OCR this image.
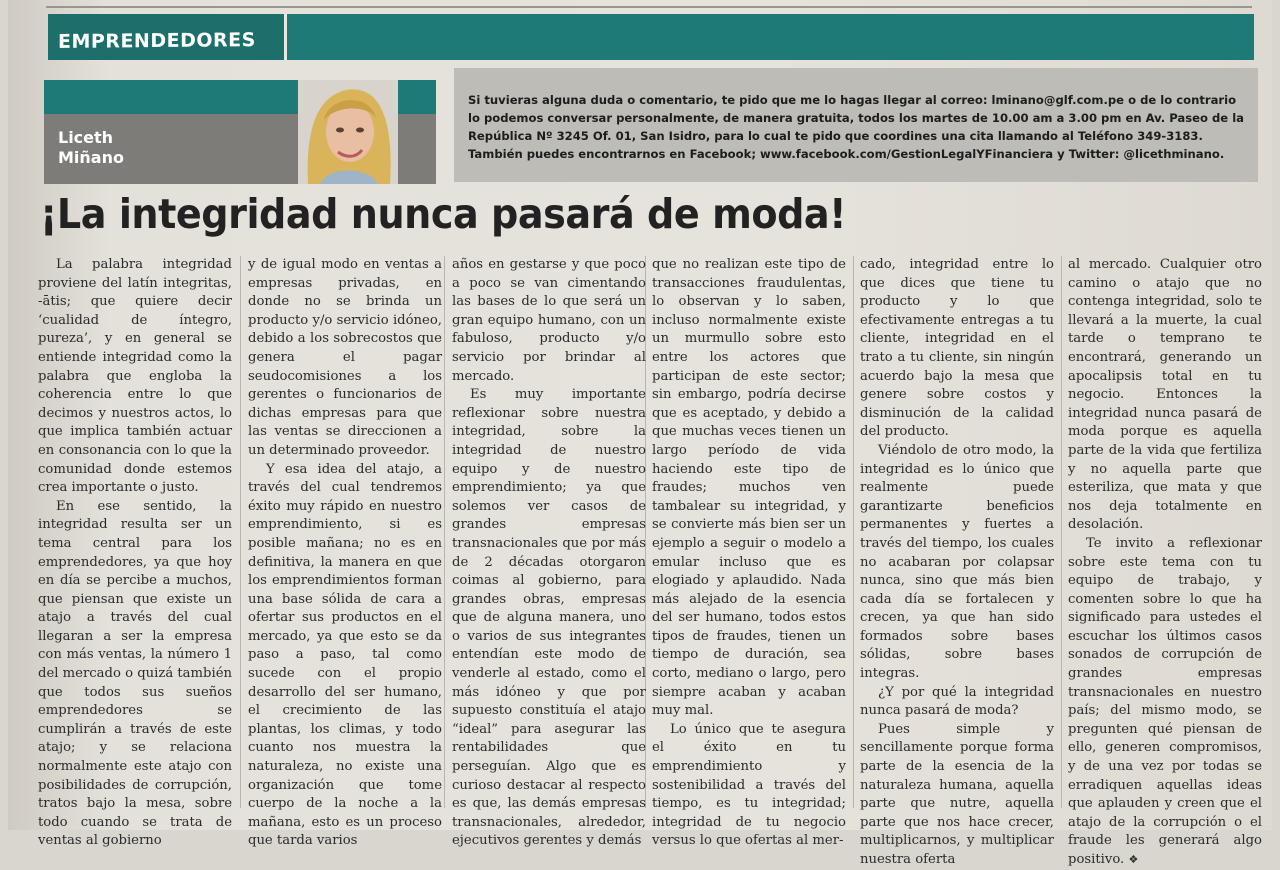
EMPRENDEDORES
Liceth
Miñano
Si tuvieras alguna duda o comentario, te pido que me lo hagas llegar al correo: lminano@glf.com.pe o de lo contrario lo podemos conversar personalmente, de manera gratuita, todos los martes de 10.00 am a 3.00 pm en Av. Paseo de la República Nº 3245 Of. 01, San Isidro, para lo cual te pido que coordines una cita llamando al Teléfono 349-3183. También puedes encontrarnos en Facebook; www.facebook.com/GestionLegalYFinanciera y Twitter: @licethminano.
¡La integridad nunca pasará de moda!

La palabra integridad proviene del latín integritas, -ātis; que quiere decir ‘cualidad de íntegro, pureza’, y en general se entiende integridad como la palabra que engloba la coherencia entre lo que decimos y nuestros actos, lo que implica también actuar en consonancia con lo que la comunidad donde estemos crea importante o justo.

En ese sentido, la integridad resulta ser un tema central para los emprendedores, ya que hoy en día se percibe a muchos, que piensan que existe un atajo a través del cual llegaran a ser la empresa con más ventas, la número 1 del mercado o quizá también que todos sus sueños emprendedores se cumplirán a través de este atajo; y se relaciona normalmente este atajo con posibilidades de corrupción, tratos bajo la mesa, sobre todo cuando se trata de ventas al gobierno

y de igual modo en ventas a empresas privadas, en donde no se brinda un producto y/o servicio idóneo, debido a los sobrecostos que genera el pagar seudocomisiones a los gerentes o funcionarios de dichas empresas para que las ventas se direccionen a un determinado proveedor.

Y esa idea del atajo, a través del cual tendremos éxito muy rápido en nuestro emprendimiento, si es posible mañana; no es en definitiva, la manera en que los emprendimientos forman una base sólida de cara a ofertar sus productos en el mercado, ya que esto se da paso a paso, tal como sucede con el propio desarrollo del ser humano, el crecimiento de las plantas, los climas, y todo cuanto nos muestra la naturaleza, no existe una organización que tome cuerpo de la noche a la mañana, esto es un proceso que tarda varios

años en gestarse y que poco a poco se van cimentando las bases de lo que será un gran equipo humano, con un fabuloso, producto y/o servicio por brindar al mercado.

Es muy importante reflexionar sobre nuestra integridad, sobre la integridad de nuestro equipo y de nuestro emprendimiento; ya que solemos ver casos de grandes empresas transnacionales que por más de 2 décadas otorgaron coimas al gobierno, para grandes obras, empresas que de alguna manera, uno o varios de sus integrantes entendían este modo de venderle al estado, como el más idóneo y que por supuesto constituía el atajo “ideal” para asegurar las rentabilidades que perseguían. Algo que es curioso destacar al respecto es que, las demás empresas transnacionales, alrededor, ejecutivos gerentes y demás

que no realizan este tipo de transacciones fraudulentas, lo observan y lo saben, incluso normalmente existe un murmullo sobre esto entre los actores que participan de este sector; sin embargo, podría decirse que es aceptado, y debido a que muchas veces tienen un largo período de vida haciendo este tipo de fraudes; muchos ven tambalear su integridad, y se convierte más bien ser un ejemplo a seguir o modelo a emular incluso que es elogiado y aplaudido. Nada más alejado de la esencia del ser humano, todos estos tipos de fraudes, tienen un tiempo de duración, sea corto, mediano o largo, pero siempre acaban y acaban muy mal.

Lo único que te asegura el éxito en tu emprendimiento y sostenibilidad a través del tiempo, es tu integridad; integridad de tu negocio versus lo que ofertas al mer-

cado, integridad entre lo que dices que tiene tu producto y lo que efectivamente entregas a tu cliente, integridad en el trato a tu cliente, sin ningún acuerdo bajo la mesa que genere sobre costos y disminución de la calidad del producto.

Viéndolo de otro modo, la integridad es lo único que realmente puede garantizarte beneficios permanentes y fuertes a través del tiempo, los cuales no acabaran por colapsar nunca, sino que más bien cada día se fortalecen y crecen, ya que han sido formados sobre bases sólidas, sobre bases integras.

¿Y por qué la integridad nunca pasará de moda?

Pues simple y sencillamente porque forma parte de la esencia de la naturaleza humana, aquella parte que nutre, aquella parte que nos hace crecer, multiplicarnos, y multiplicar nuestra oferta

al mercado. Cualquier otro camino o atajo que no contenga integridad, solo te llevará a la muerte, la cual tarde o temprano te encontrará, generando un apocalipsis total en tu negocio. Entonces la integridad nunca pasará de moda porque es aquella parte de la vida que fertiliza y no aquella parte que esteriliza, que mata y que nos deja totalmente en desolación.

Te invito a reflexionar sobre este tema con tu equipo de trabajo, y comenten sobre lo que ha significado para ustedes el escuchar los últimos casos sonados de corrupción de grandes empresas transnacionales en nuestro país; del mismo modo, se pregunten qué piensan de ello, generen compromisos, y de una vez por todas se erradiquen aquellas ideas que aplauden y creen que el atajo de la corrupción o el fraude les generará algo positivo. ❖
